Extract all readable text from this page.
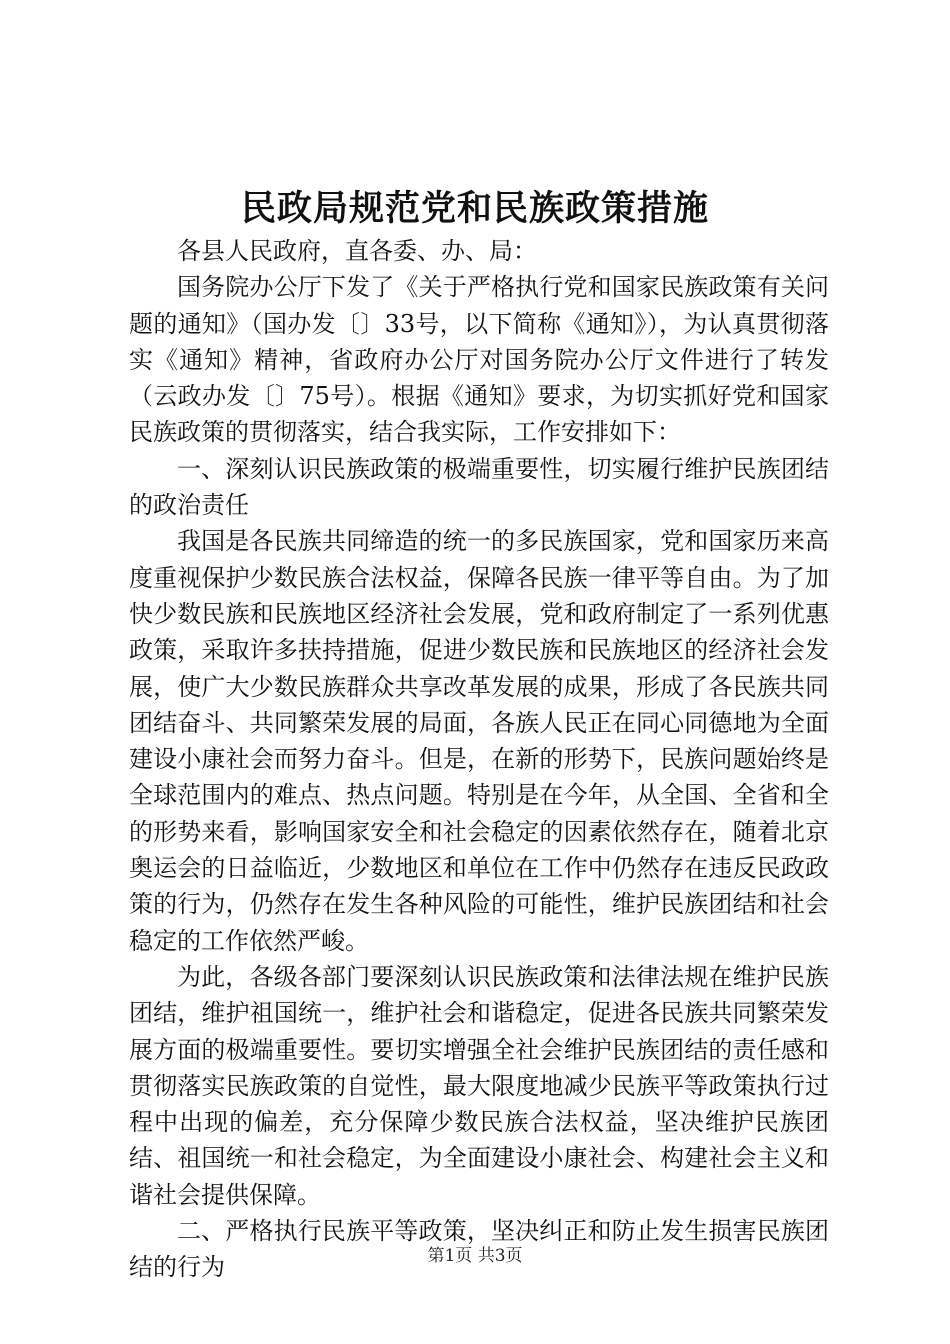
民政局规范党和民族政策措施

各县人民政府，直各委、办、局：

国务院办公厅下发了《关于严格执行党和国家民族政策有关问题的通知》（国办发〔〕33号，以下简称《通知》），为认真贯彻落实《通知》精神，省政府办公厅对国务院办公厅文件进行了转发（云政办发〔〕75号）。根据《通知》要求，为切实抓好党和国家民族政策的贯彻落实，结合我实际，工作安排如下：

一、深刻认识民族政策的极端重要性，切实履行维护民族团结的政治责任

我国是各民族共同缔造的统一的多民族国家，党和国家历来高度重视保护少数民族合法权益，保障各民族一律平等自由。为了加快少数民族和民族地区经济社会发展，党和政府制定了一系列优惠政策，采取许多扶持措施，促进少数民族和民族地区的经济社会发展，使广大少数民族群众共享改革发展的成果，形成了各民族共同团结奋斗、共同繁荣发展的局面，各族人民正在同心同德地为全面建设小康社会而努力奋斗。但是，在新的形势下，民族问题始终是全球范围内的难点、热点问题。特别是在今年，从全国、全省和全的形势来看，影响国家安全和社会稳定的因素依然存在，随着北京奥运会的日益临近，少数地区和单位在工作中仍然存在违反民政政策的行为，仍然存在发生各种风险的可能性，维护民族团结和社会稳定的工作依然严峻。

为此，各级各部门要深刻认识民族政策和法律法规在维护民族团结，维护祖国统一，维护社会和谐稳定，促进各民族共同繁荣发展方面的极端重要性。要切实增强全社会维护民族团结的责任感和贯彻落实民族政策的自觉性，最大限度地减少民族平等政策执行过程中出现的偏差，充分保障少数民族合法权益，坚决维护民族团结、祖国统一和社会稳定，为全面建设小康社会、构建社会主义和谐社会提供保障。

二、严格执行民族平等政策，坚决纠正和防止发生损害民族团结的行为	第1页 共3页
